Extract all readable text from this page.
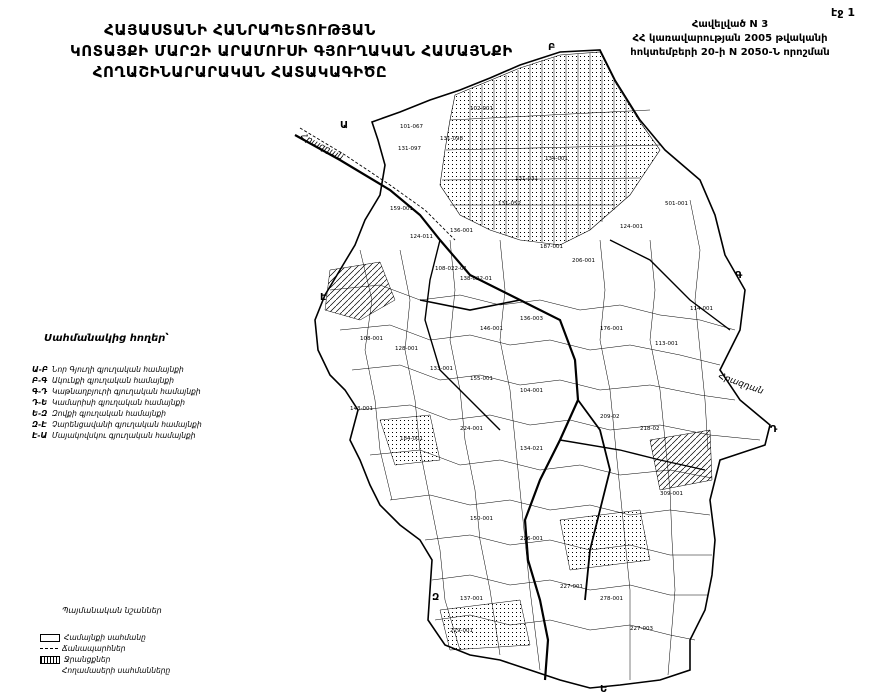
ՀԱՅԱՍՏԱՆԻ ՀԱՆՐԱՊԵՏՈՒԹՅԱՆ
ԿՈՏԱՅՔԻ ՄԱՐԶԻ ԱՐԱՄՈՒՍԻ ԳՅՈՒՂԱԿԱՆ ՀԱՄԱՅՆՔԻ
ՀՈՂԱՇԻՆԱՐԱՐԱԿԱՆ ՀԱՏԱԿԱԳԻԾԸ
էջ 1
Հավելված N 3
ՀՀ կառավարության 2005 թվականի
հոկտեմբերի 20-ի N 2050-Ն որոշման
Հրազդան
Հրազդան
Ա
Բ
Գ
Դ
Ե
Զ
Է
131-097
131-098
101-067
102-001
159-001
124-011
136-001
131-052
131-031
134-001
108-022-01
138-022-01
187-001
206-001
124-001
501-001
146-001
136-003
128-001
108-001
133-001
155-001
104-001
176-001
113-001
114-001
143-001
184-001
224-001
134-021
209-02
218-02
309-001
150-001
226-001
227-001
137-001	278-001
227-003
229-001
Սահմանակից հողեր՝
Ա-Բ Նոր Գյուղի գյուղական համայնքի
Բ-Գ Ակունքի գյուղական համայնքի
Գ-Դ Կաթնաղբյուրի գյուղական համայնքի
Դ-Ե Կամարիսի գյուղական համայնքի
Ե-Զ Զովքի գյուղական համայնքի
Զ-Է Չարենցավանի գյուղական համայնքի
Է-Ա Մայակովսկու գյուղական համայնքի
Պայմանական նշաններ
Համայնքի սահմանը
Ճանապարհներ
Ջրանցքներ
Հողամասերի սահմանները
